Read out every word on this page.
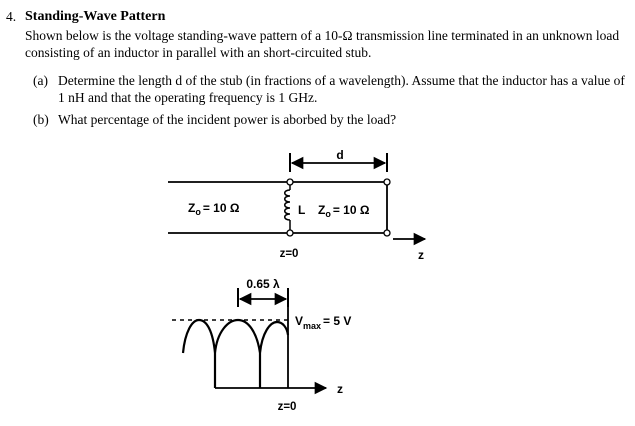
4. Standing-Wave Pattern
Shown below is the voltage standing-wave pattern of a 10-Ω transmission line terminated in an unknown load consisting of an inductor in parallel with an short-circuited stub.
(a) Determine the length d of the stub (in fractions of a wavelength). Assume that the inductor has a value of 1 nH and that the operating frequency is 1 GHz.
(b) What percentage of the incident power is aborbed by the load?
d
$Z_o = 10$ Ω	L $Z_o = 10$ Ω
z=0	z
0.65 λ
$V_{max} = 5$ V
z
z=0
